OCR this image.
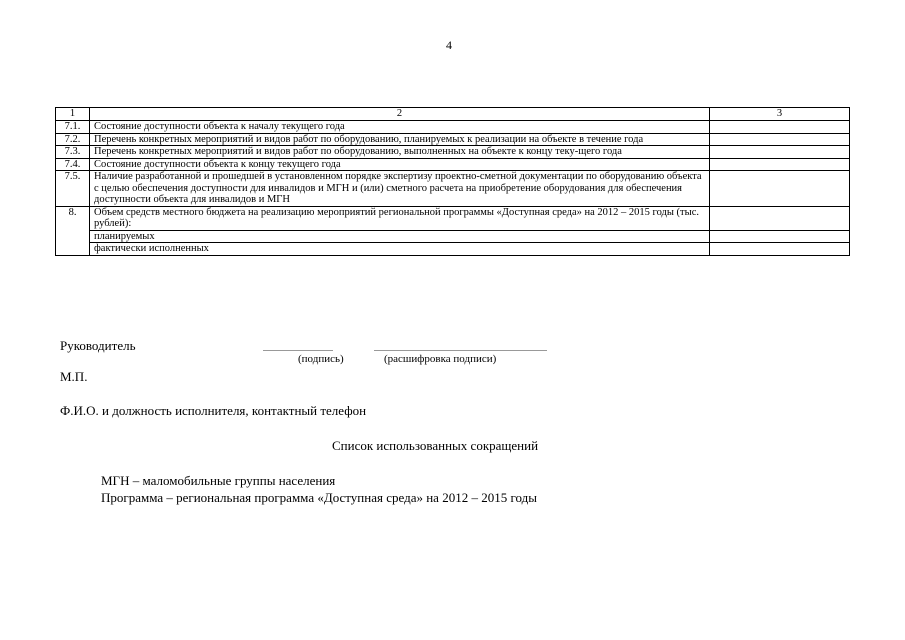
4
1	2	3
7.1.	Состояние доступности объекта к началу текущего года	
7.2.	Перечень конкретных мероприятий и видов работ по оборудованию, планируемых к реализации на объекте в течение года	
7.3.	Перечень конкретных мероприятий и видов работ по оборудованию, выполненных на объекте к концу теку-щего года	
7.4.	Состояние доступности объекта к концу текущего года	
7.5.	Наличие разработанной и прошедшей в установленном порядке экспертизу проектно-сметной документации по оборудованию объекта с целью обеспечения доступности для инвалидов и МГН и (или) сметного расчета на приобретение оборудования для обеспечения доступности объекта для инвалидов и МГН	
8.	Объем средств местного бюджета на реализацию мероприятий региональной программы «Доступная среда» на 2012 – 2015 годы (тыс. рублей):	
	планируемых	
	фактически исполненных	
Руководитель
(подпись)	(расшифровка подписи)
М.П.
Ф.И.О. и должность исполнителя, контактный телефон
Список использованных сокращений
МГН – маломобильные группы населения
Программа – региональная программа «Доступная среда» на 2012 – 2015 годы
